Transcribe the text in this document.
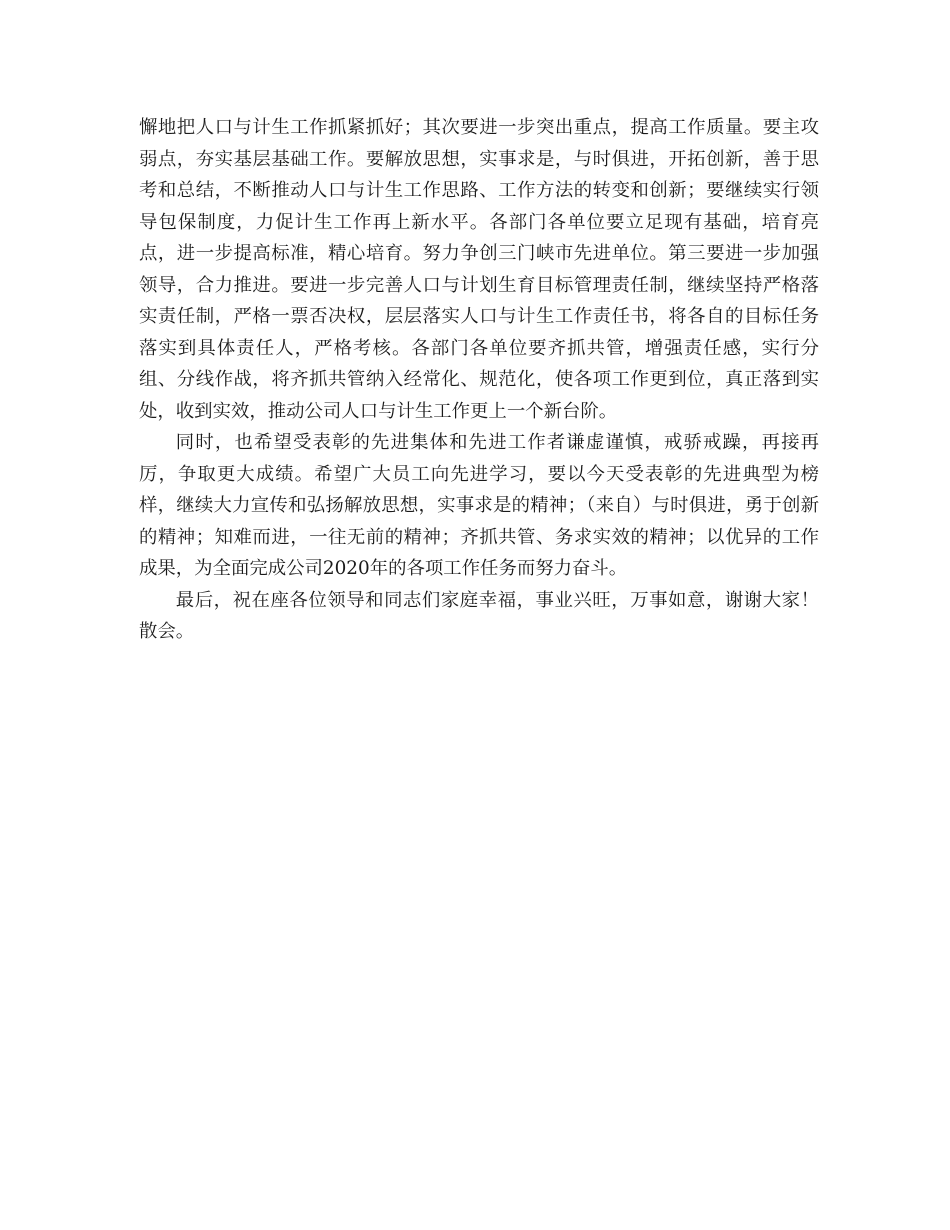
懈地把人口与计生工作抓紧抓好；其次要进一步突出重点，提高工作质量。要主攻弱点，夯实基层基础工作。要解放思想，实事求是，与时俱进，开拓创新，善于思考和总结，不断推动人口与计生工作思路、工作方法的转变和创新；要继续实行领导包保制度，力促计生工作再上新水平。各部门各单位要立足现有基础，培育亮点，进一步提高标准，精心培育。努力争创三门峡市先进单位。第三要进一步加强领导，合力推进。要进一步完善人口与计划生育目标管理责任制，继续坚持严格落实责任制，严格一票否决权，层层落实人口与计生工作责任书，将各自的目标任务落实到具体责任人，严格考核。各部门各单位要齐抓共管，增强责任感，实行分组、分线作战，将齐抓共管纳入经常化、规范化，使各项工作更到位，真正落到实处，收到实效，推动公司人口与计生工作更上一个新台阶。

同时，也希望受表彰的先进集体和先进工作者谦虚谨慎，戒骄戒躁，再接再厉，争取更大成绩。希望广大员工向先进学习，要以今天受表彰的先进典型为榜样，继续大力宣传和弘扬解放思想，实事求是的精神；（来自）与时俱进，勇于创新的精神；知难而进，一往无前的精神；齐抓共管、务求实效的精神；以优异的工作成果，为全面完成公司2020年的各项工作任务而努力奋斗。

最后，祝在座各位领导和同志们家庭幸福，事业兴旺，万事如意，谢谢大家！散会。
